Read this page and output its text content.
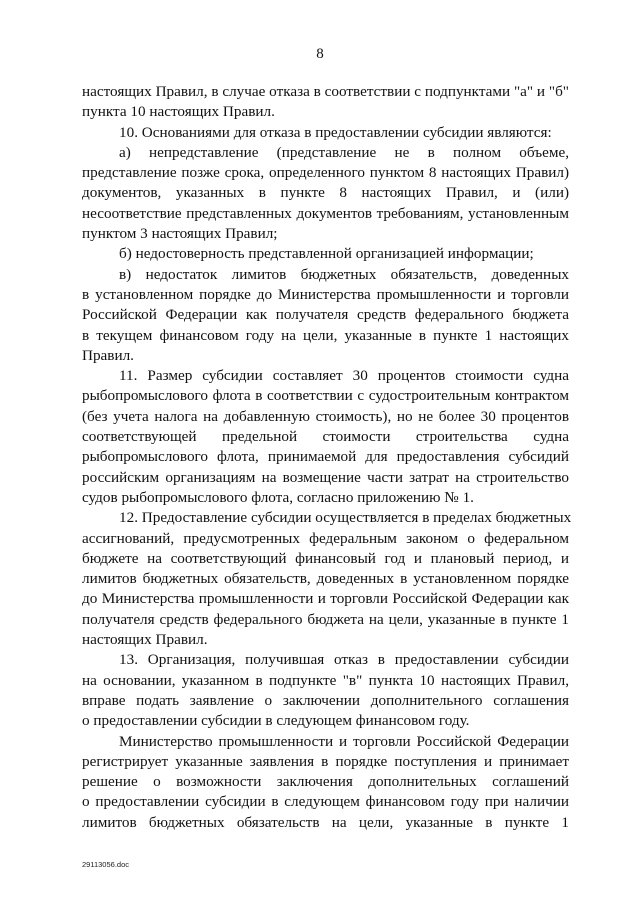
8
настоящих Правил, в случае отказа в соответствии с подпунктами "а" и "б"
пункта 10 настоящих Правил.
10. Основаниями для отказа в предоставлении субсидии являются:
а) непредставление (представление не в полном объеме,
представление позже срока, определенного пунктом 8 настоящих Правил)
документов, указанных в пункте 8 настоящих Правил, и (или)
несоответствие представленных документов требованиям, установленным
пунктом 3 настоящих Правил;
б) недостоверность представленной организацией информации;
в) недостаток лимитов бюджетных обязательств, доведенных
в установленном порядке до Министерства промышленности и торговли
Российской Федерации как получателя средств федерального бюджета
в текущем финансовом году на цели, указанные в пункте 1 настоящих
Правил.
11. Размер субсидии составляет 30 процентов стоимости судна
рыбопромыслового флота в соответствии с судостроительным контрактом
(без учета налога на добавленную стоимость), но не более 30 процентов
соответствующей предельной стоимости строительства судна
рыбопромыслового флота, принимаемой для предоставления субсидий
российским организациям на возмещение части затрат на строительство
судов рыбопромыслового флота, согласно приложению № 1.
12. Предоставление субсидии осуществляется в пределах бюджетных
ассигнований, предусмотренных федеральным законом о федеральном
бюджете на соответствующий финансовый год и плановый период, и
лимитов бюджетных обязательств, доведенных в установленном порядке
до Министерства промышленности и торговли Российской Федерации как
получателя средств федерального бюджета на цели, указанные в пункте 1
настоящих Правил.
13. Организация, получившая отказ в предоставлении субсидии
на основании, указанном в подпункте "в" пункта 10 настоящих Правил,
вправе подать заявление о заключении дополнительного соглашения
о предоставлении субсидии в следующем финансовом году.
Министерство промышленности и торговли Российской Федерации
регистрирует указанные заявления в порядке поступления и принимает
решение о возможности заключения дополнительных соглашений
о предоставлении субсидии в следующем финансовом году при наличии
лимитов бюджетных обязательств на цели, указанные в пункте 1
29113056.doc
